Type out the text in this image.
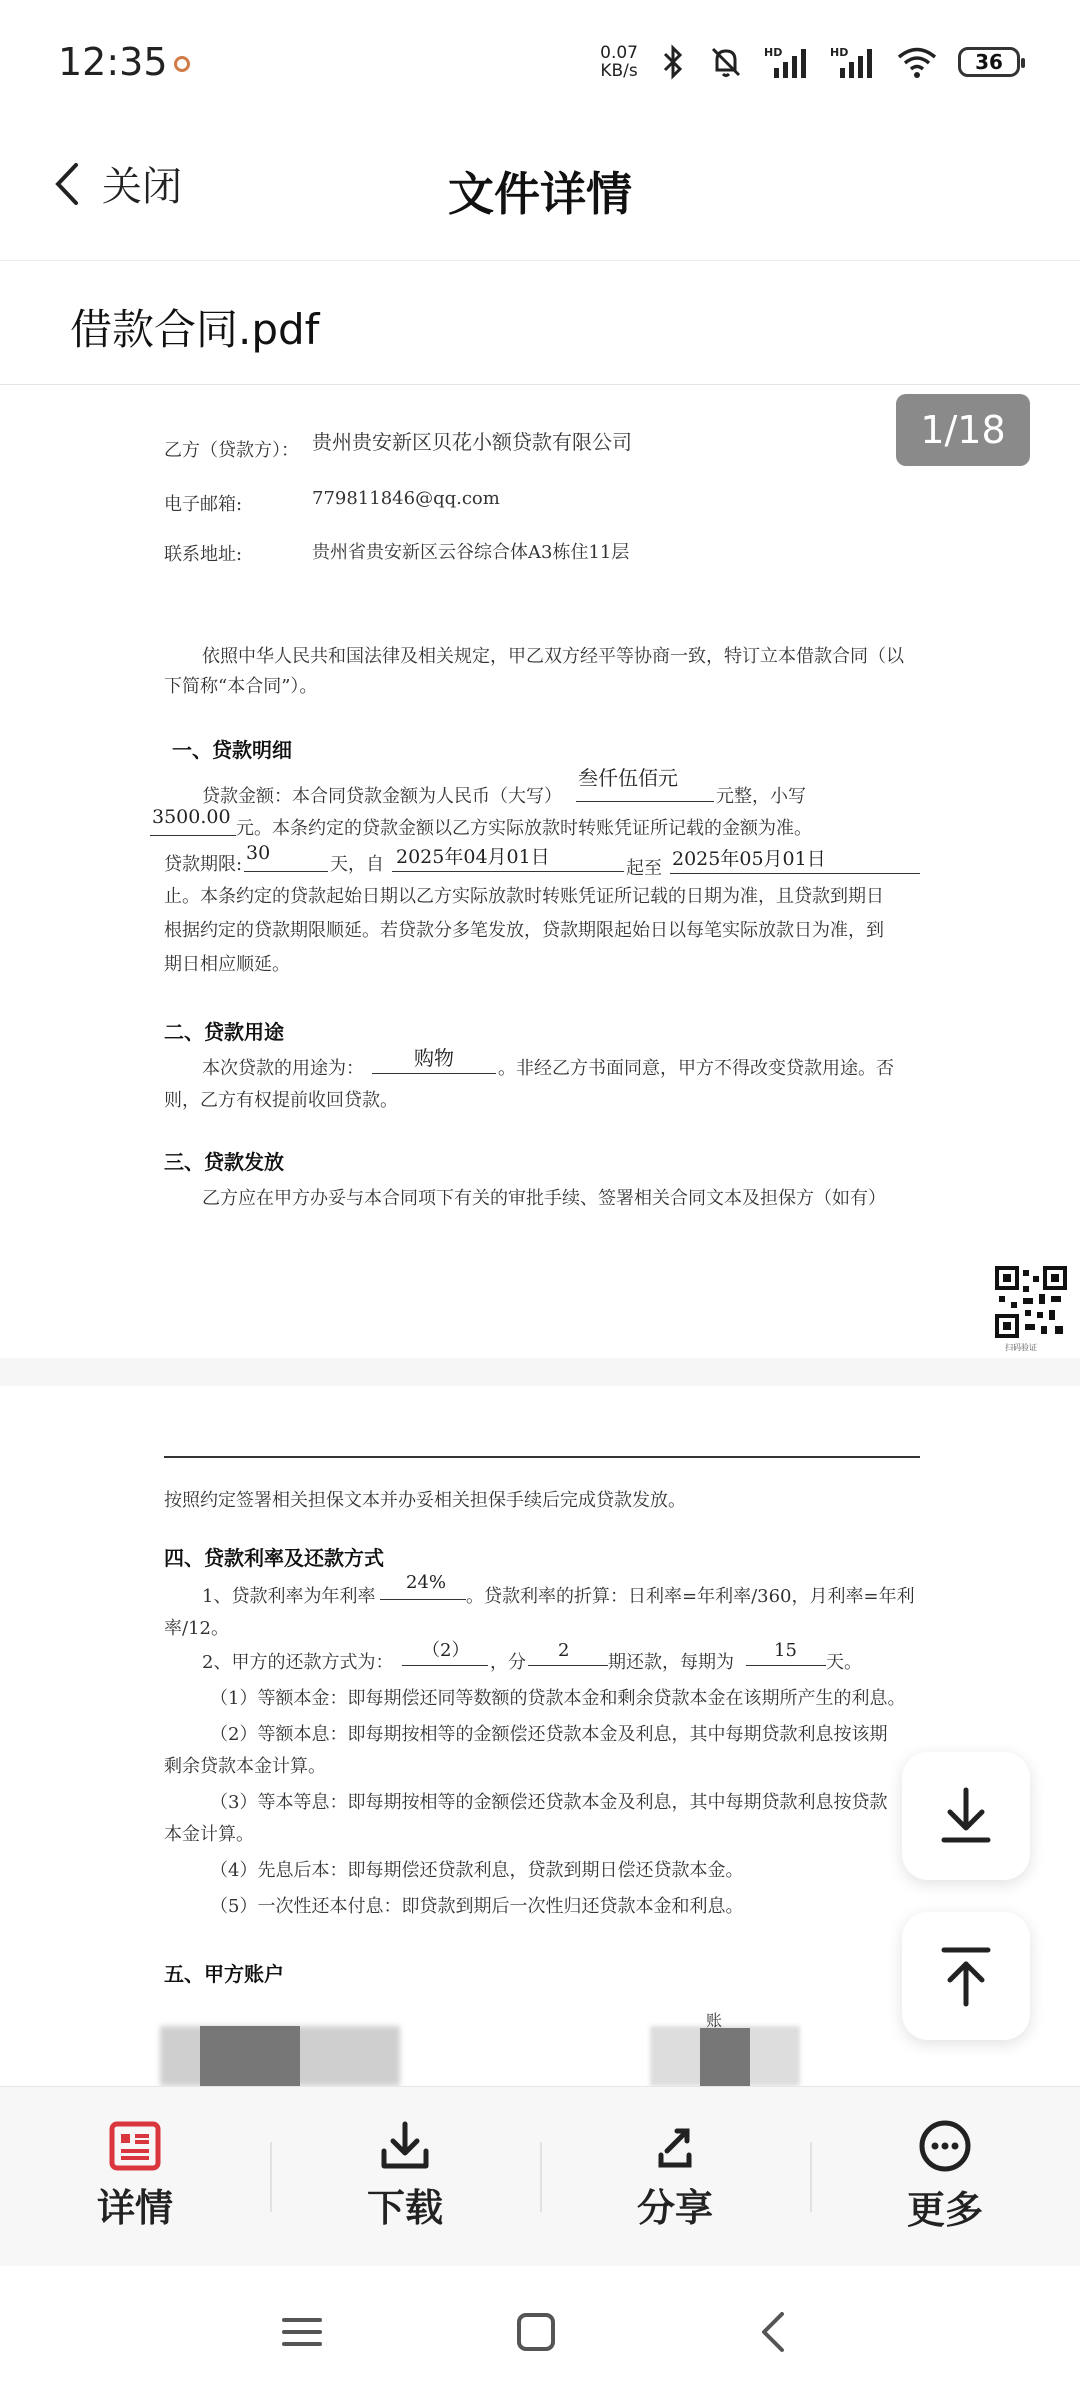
12:35	0.07
KB/s
HD	HD	36
关闭	文件详情
借款合同.pdf
乙方（贷款方）： 贵州贵安新区贝花小额贷款有限公司
电子邮箱:	779811846@qq.com
联系地址:	贵州省贵安新区云谷综合体A3栋住11层
依照中华人民共和国法律及相关规定，甲乙双方经平等协商一致，特订立本借款合同（以
下简称“本合同”）。
一、贷款明细
贷款金额：本合同贷款金额为人民币（大写）
叁仟伍佰元
元整，小写
3500.00
元。本条约定的贷款金额以乙方实际放款时转账凭证所记载的金额为准。
贷款期限:
30
天，自 2025年04月01日
起至 2025年05月01日
止。本条约定的贷款起始日期以乙方实际放款时转账凭证所记载的日期为准，且贷款到期日
根据约定的贷款期限顺延。若贷款分多笔发放，贷款期限起始日以每笔实际放款日为准，到
期日相应顺延。
二、贷款用途
本次贷款的用途为：	购物 。非经乙方书面同意，甲方不得改变贷款用途。否
则，乙方有权提前收回贷款。
三、贷款发放
乙方应在甲方办妥与本合同项下有关的审批手续、签署相关合同文本及担保方（如有）
扫码验证
按照约定签署相关担保文本并办妥相关担保手续后完成贷款发放。
四、贷款利率及还款方式
1、贷款利率为年利率
24%
。贷款利率的折算：日利率=年利率/360，月利率=年利
率/12。
2、甲方的还款方式为：
（2）
，分
2
期还款，每期为
15
天。
（1）等额本金：即每期偿还同等数额的贷款本金和剩余贷款本金在该期所产生的利息。
（2）等额本息：即每期按相等的金额偿还贷款本金及利息，其中每期贷款利息按该期
剩余贷款本金计算。
（3）等本等息：即每期按相等的金额偿还贷款本金及利息，其中每期贷款利息按贷款
本金计算。
（4）先息后本：即每期偿还贷款利息，贷款到期日偿还贷款本金。
（5）一次性还本付息：即贷款到期后一次性归还贷款本金和利息。
五、甲方账户
账
1/18
详情	下载	分享	更多
